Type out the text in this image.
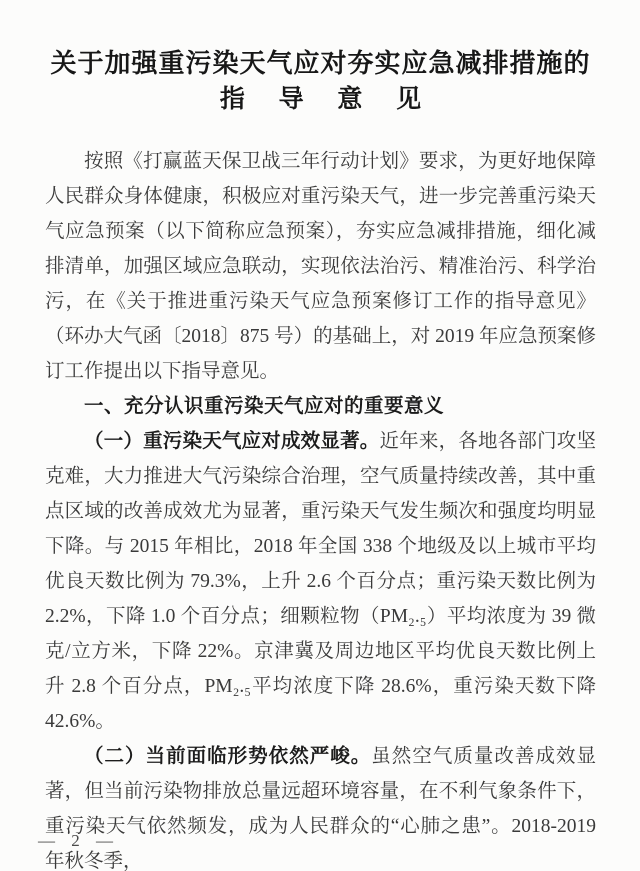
关于加强重污染天气应对夯实应急减排措施的
指 导 意 见

按照《打赢蓝天保卫战三年行动计划》要求，为更好地保障人民群众身体健康，积极应对重污染天气，进一步完善重污染天气应急预案（以下简称应急预案），夯实应急减排措施，细化减排清单，加强区域应急联动，实现依法治污、精准治污、科学治污，在《关于推进重污染天气应急预案修订工作的指导意见》（环办大气函〔2018〕875 号）的基础上，对 2019 年应急预案修订工作提出以下指导意见。

一、充分认识重污染天气应对的重要意义

（一）重污染天气应对成效显著。近年来，各地各部门攻坚克难，大力推进大气污染综合治理，空气质量持续改善，其中重点区域的改善成效尤为显著，重污染天气发生频次和强度均明显下降。与 2015 年相比，2018 年全国 338 个地级及以上城市平均优良天数比例为 79.3%，上升 2.6 个百分点；重污染天数比例为 2.2%，下降 1.0 个百分点；细颗粒物（PM₂.₅）平均浓度为 39 微克/立方米，下降 22%。京津冀及周边地区平均优良天数比例上升 2.8 个百分点，PM₂.₅平均浓度下降 28.6%，重污染天数下降 42.6%。

（二）当前面临形势依然严峻。虽然空气质量改善成效显著，但当前污染物排放总量远超环境容量，在不利气象条件下，重污染天气依然频发，成为人民群众的“心肺之患”。2018-2019 年秋冬季，

— 2 —
